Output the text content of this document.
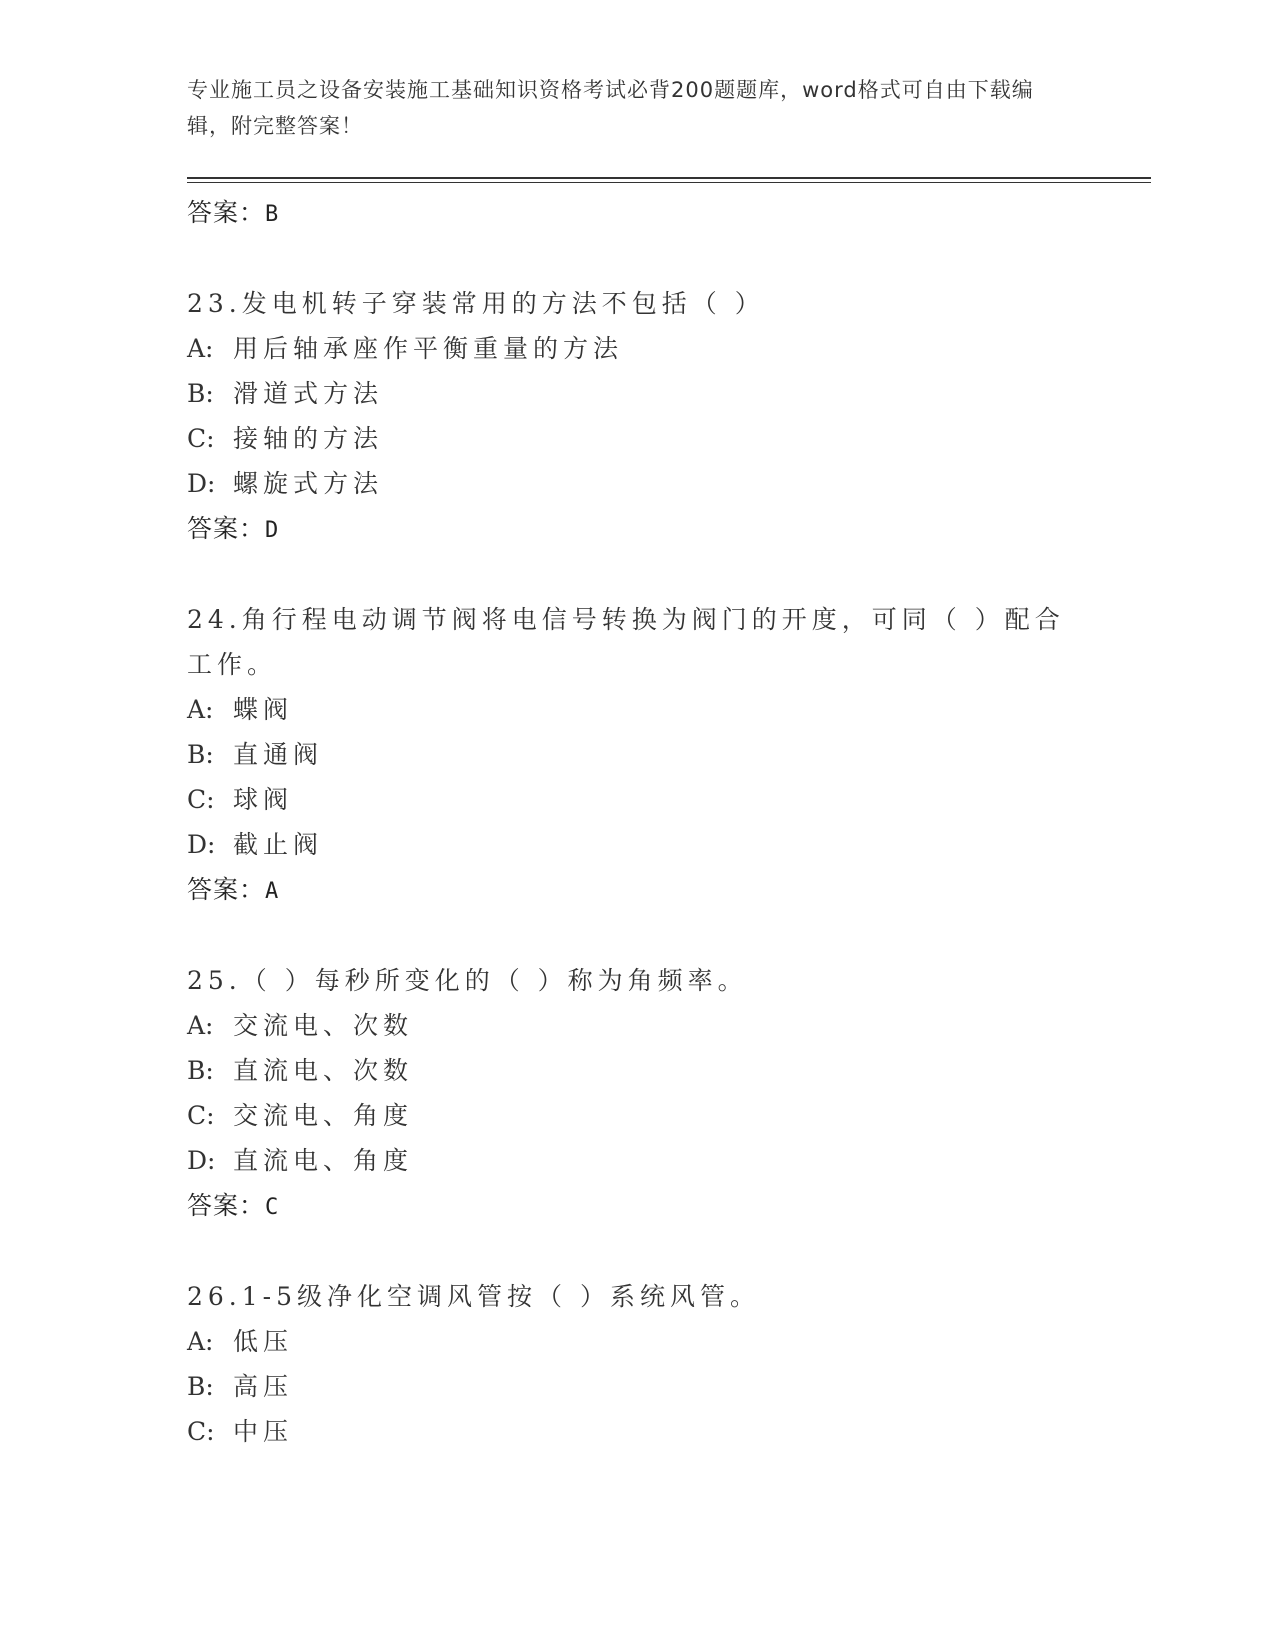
专业施工员之设备安装施工基础知识资格考试必背200题题库，word格式可自由下载编辑，附完整答案！
答案：B
23.发电机转子穿装常用的方法不包括（ ）
A: 用后轴承座作平衡重量的方法
B: 滑道式方法
C: 接轴的方法
D: 螺旋式方法
答案：D
24.角行程电动调节阀将电信号转换为阀门的开度，可同（ ）配合工作。
A: 蝶阀
B: 直通阀
C: 球阀
D: 截止阀
答案：A
25.（ ）每秒所变化的（ ）称为角频率。
A: 交流电、次数
B: 直流电、次数
C: 交流电、角度
D: 直流电、角度
答案：C
26.1-5级净化空调风管按（ ）系统风管。
A: 低压
B: 高压
C: 中压
